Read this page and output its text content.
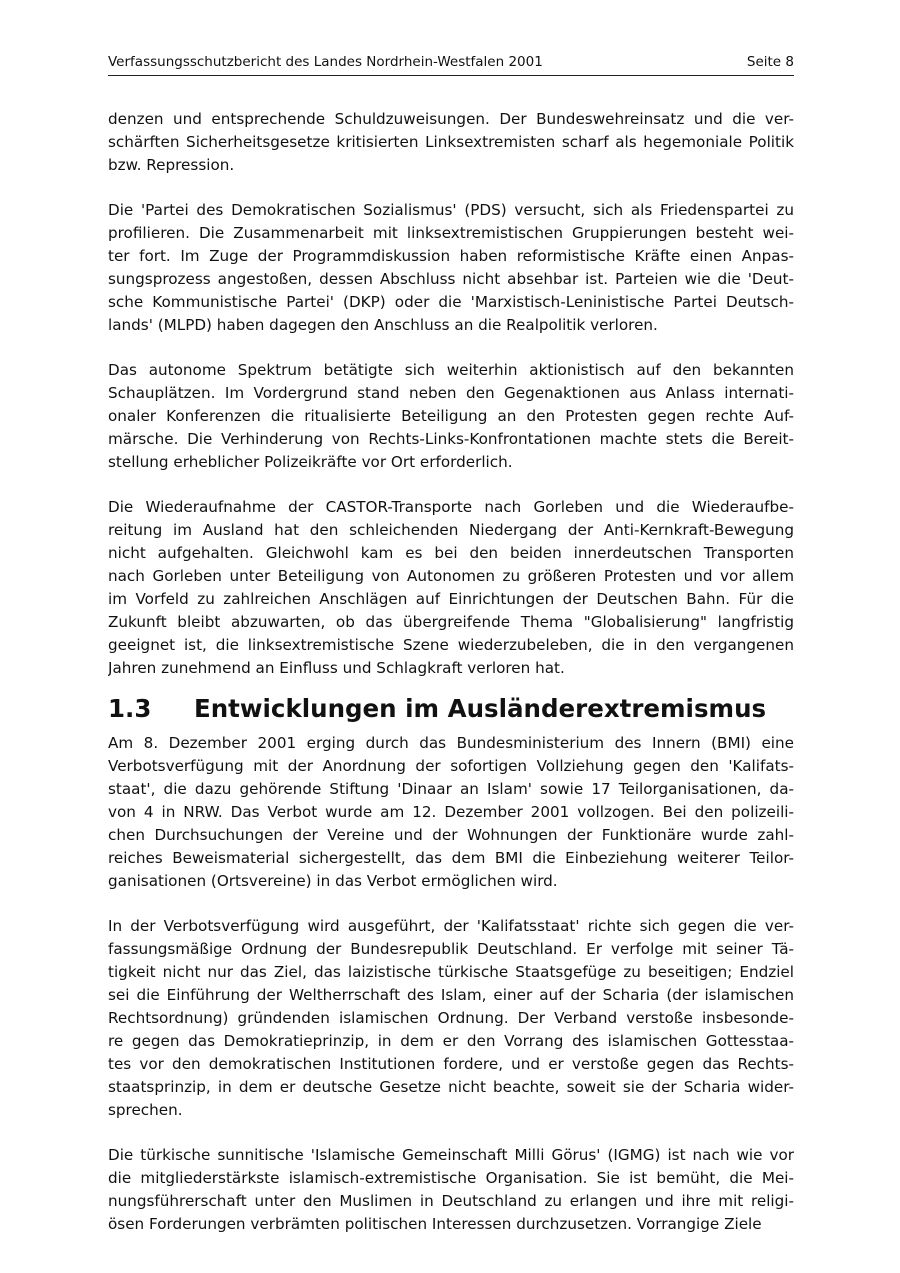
Verfassungsschutzbericht des Landes Nordrhein-Westfalen 2001	Seite 8
denzen und entsprechende Schuldzuweisungen. Der Bundeswehreinsatz und die ver-
schärften Sicherheitsgesetze kritisierten Linksextremisten scharf als hegemoniale Politik
bzw. Repression.
Die 'Partei des Demokratischen Sozialismus' (PDS) versucht, sich als Friedenspartei zu
profilieren. Die Zusammenarbeit mit linksextremistischen Gruppierungen besteht wei-
ter fort. Im Zuge der Programmdiskussion haben reformistische Kräfte einen Anpas-
sungsprozess angestoßen, dessen Abschluss nicht absehbar ist. Parteien wie die 'Deut-
sche Kommunistische Partei' (DKP) oder die 'Marxistisch-Leninistische Partei Deutsch-
lands' (MLPD) haben dagegen den Anschluss an die Realpolitik verloren.
Das autonome Spektrum betätigte sich weiterhin aktionistisch auf den bekannten
Schauplätzen. Im Vordergrund stand neben den Gegenaktionen aus Anlass internati-
onaler Konferenzen die ritualisierte Beteiligung an den Protesten gegen rechte Auf-
märsche. Die Verhinderung von Rechts-Links-Konfrontationen machte stets die Bereit-
stellung erheblicher Polizeikräfte vor Ort erforderlich.
Die Wiederaufnahme der CASTOR-Transporte nach Gorleben und die Wiederaufbe-
reitung im Ausland hat den schleichenden Niedergang der Anti-Kernkraft-Bewegung
nicht aufgehalten. Gleichwohl kam es bei den beiden innerdeutschen Transporten
nach Gorleben unter Beteiligung von Autonomen zu größeren Protesten und vor allem
im Vorfeld zu zahlreichen Anschlägen auf Einrichtungen der Deutschen Bahn. Für die
Zukunft bleibt abzuwarten, ob das übergreifende Thema "Globalisierung" langfristig
geeignet ist, die linksextremistische Szene wiederzubeleben, die in den vergangenen
Jahren zunehmend an Einfluss und Schlagkraft verloren hat.
1.3 Entwicklungen im Ausländerextremismus
Am 8. Dezember 2001 erging durch das Bundesministerium des Innern (BMI) eine
Verbotsverfügung mit der Anordnung der sofortigen Vollziehung gegen den 'Kalifats-
staat', die dazu gehörende Stiftung 'Dinaar an Islam' sowie 17 Teilorganisationen, da-
von 4 in NRW. Das Verbot wurde am 12. Dezember 2001 vollzogen. Bei den polizeili-
chen Durchsuchungen der Vereine und der Wohnungen der Funktionäre wurde zahl-
reiches Beweismaterial sichergestellt, das dem BMI die Einbeziehung weiterer Teilor-
ganisationen (Ortsvereine) in das Verbot ermöglichen wird.
In der Verbotsverfügung wird ausgeführt, der 'Kalifatsstaat' richte sich gegen die ver-
fassungsmäßige Ordnung der Bundesrepublik Deutschland. Er verfolge mit seiner Tä-
tigkeit nicht nur das Ziel, das laizistische türkische Staatsgefüge zu beseitigen; Endziel
sei die Einführung der Weltherrschaft des Islam, einer auf der Scharia (der islamischen
Rechtsordnung) gründenden islamischen Ordnung. Der Verband verstoße insbesonde-
re gegen das Demokratieprinzip, in dem er den Vorrang des islamischen Gottesstaa-
tes vor den demokratischen Institutionen fordere, und er verstoße gegen das Rechts-
staatsprinzip, in dem er deutsche Gesetze nicht beachte, soweit sie der Scharia wider-
sprechen.
Die türkische sunnitische 'Islamische Gemeinschaft Milli Görus' (IGMG) ist nach wie vor
die mitgliederstärkste islamisch-extremistische Organisation. Sie ist bemüht, die Mei-
nungsführerschaft unter den Muslimen in Deutschland zu erlangen und ihre mit religi-
ösen Forderungen verbrämten politischen Interessen durchzusetzen. Vorrangige Ziele
